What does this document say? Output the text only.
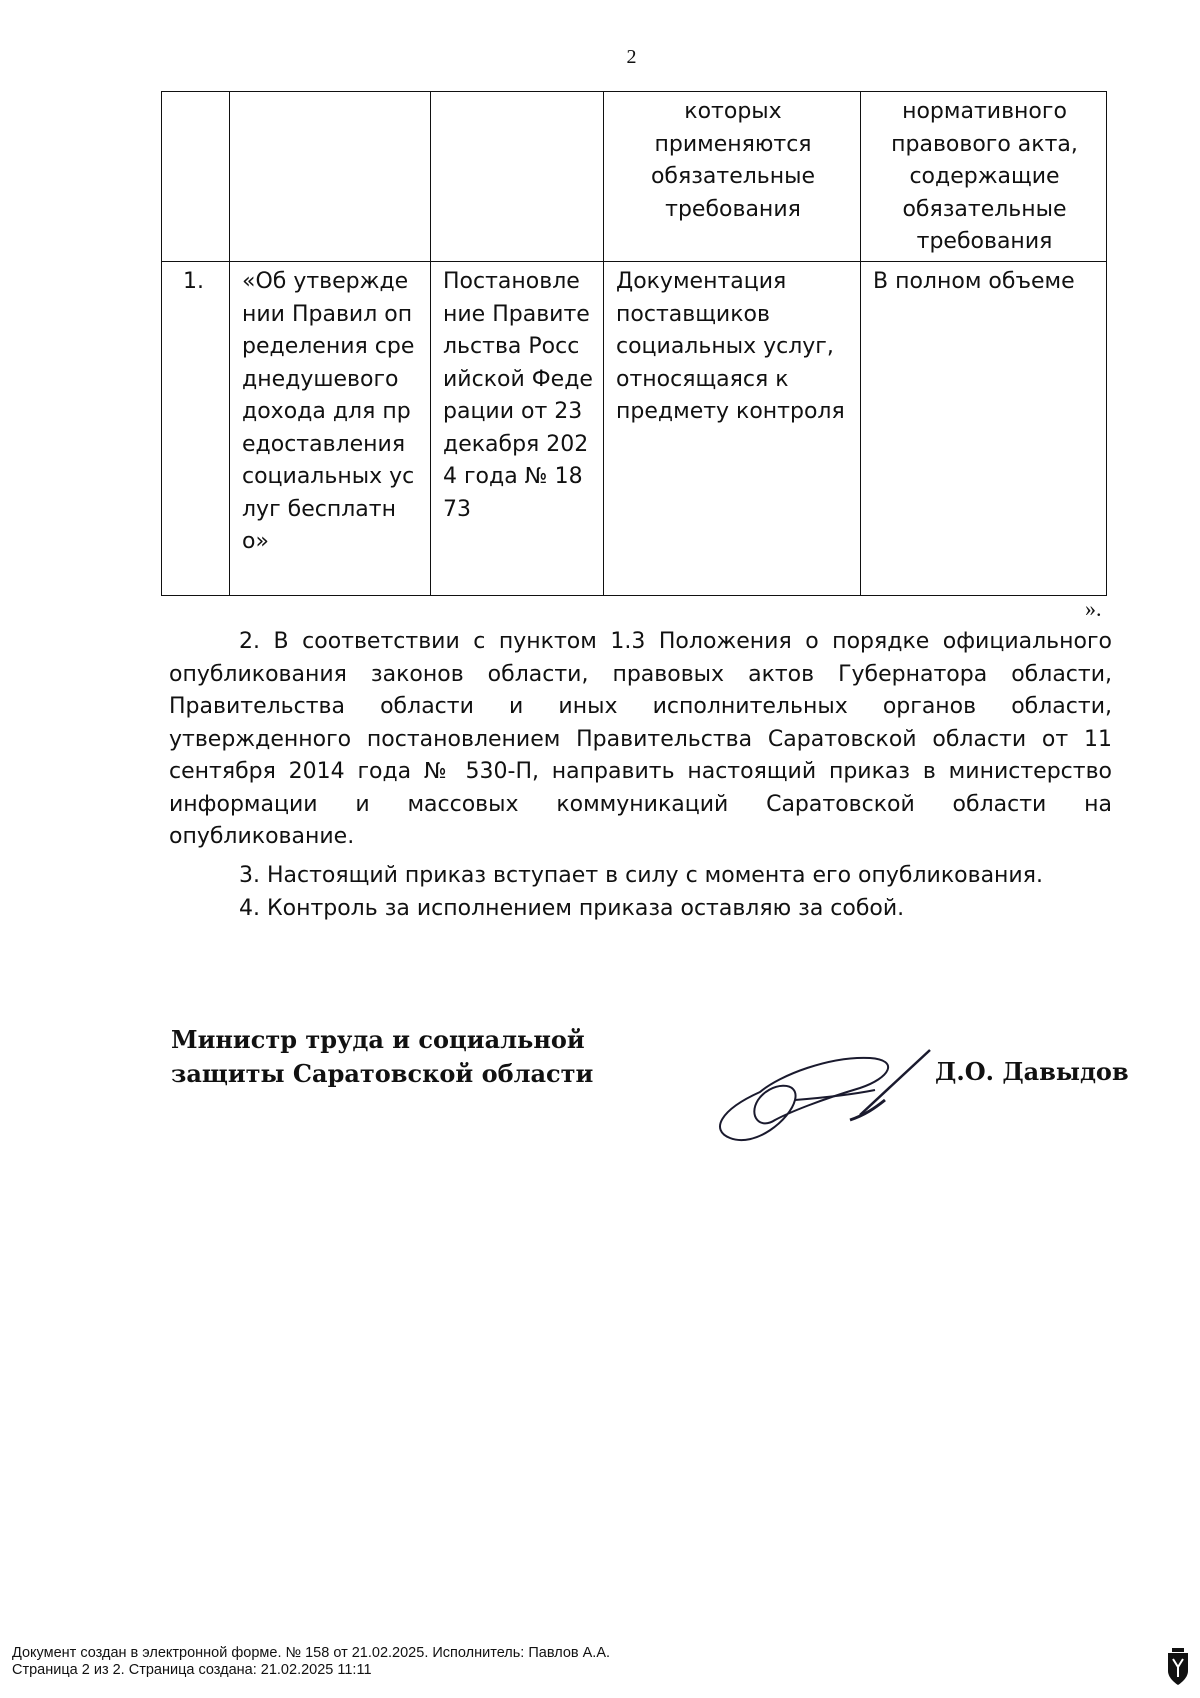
2
			которых применяются обязательные требования	нормативного правового акта, содержащие обязательные требования
1.	«Об утверждении Правил определения среднедушевого дохода для предоставления социальных услуг бесплатно»	Постановление Правительства Российской Федерации от 23 декабря 2024 года № 1873	Документация поставщиков социальных услуг, относящаяся к предмету контроля	В полном объеме
».

2. В соответствии с пунктом 1.3 Положения о порядке официального опубликования законов области, правовых актов Губернатора области, Правительства области и иных исполнительных органов области, утвержденного постановлением Правительства Саратовской области от 11 сентября 2014 года № 530-П, направить настоящий приказ в министерство информации и массовых коммуникаций Саратовской области на опубликование.

3. Настоящий приказ вступает в силу с момента его опубликования.

4. Контроль за исполнением приказа оставляю за собой.

Министр труда и социальной
защиты Саратовской области	Д.О. Давыдов
Документ создан в электронной форме. № 158 от 21.02.2025. Исполнитель: Павлов А.А.
Страница 2 из 2. Страница создана: 21.02.2025 11:11
